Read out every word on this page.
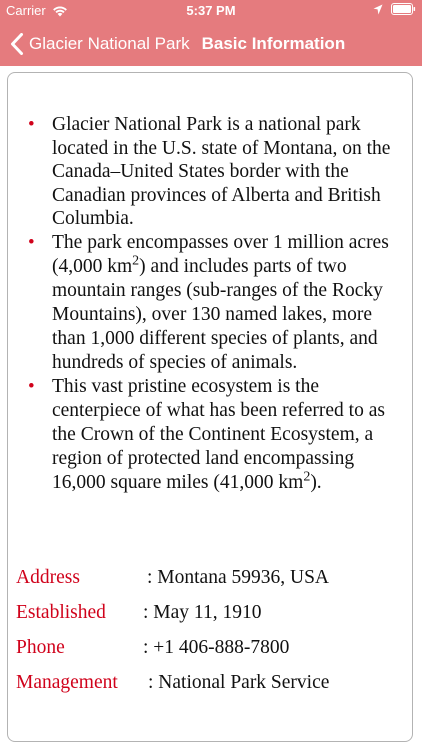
Carrier	5:37 PM
Glacier National Park Basic Information
• Glacier National Park is a national park located in the U.S. state of Montana, on the Canada–United States border with the Canadian provinces of Alberta and British Columbia.
• The park encompasses over 1 million acres (4,000 $km^2$) and includes parts of two mountain ranges (sub-ranges of the Rocky Mountains), over 130 named lakes, more than 1,000 different species of plants, and hundreds of species of animals.
• This vast pristine ecosystem is the centerpiece of what has been referred to as the Crown of the Continent Ecosystem, a region of protected land encompassing 16,000 square miles (41,000 $km^2$).
Address	: Montana 59936, USA
Established : May 11, 1910
Phone	: +1 406-888-7800
Management : National Park Service
